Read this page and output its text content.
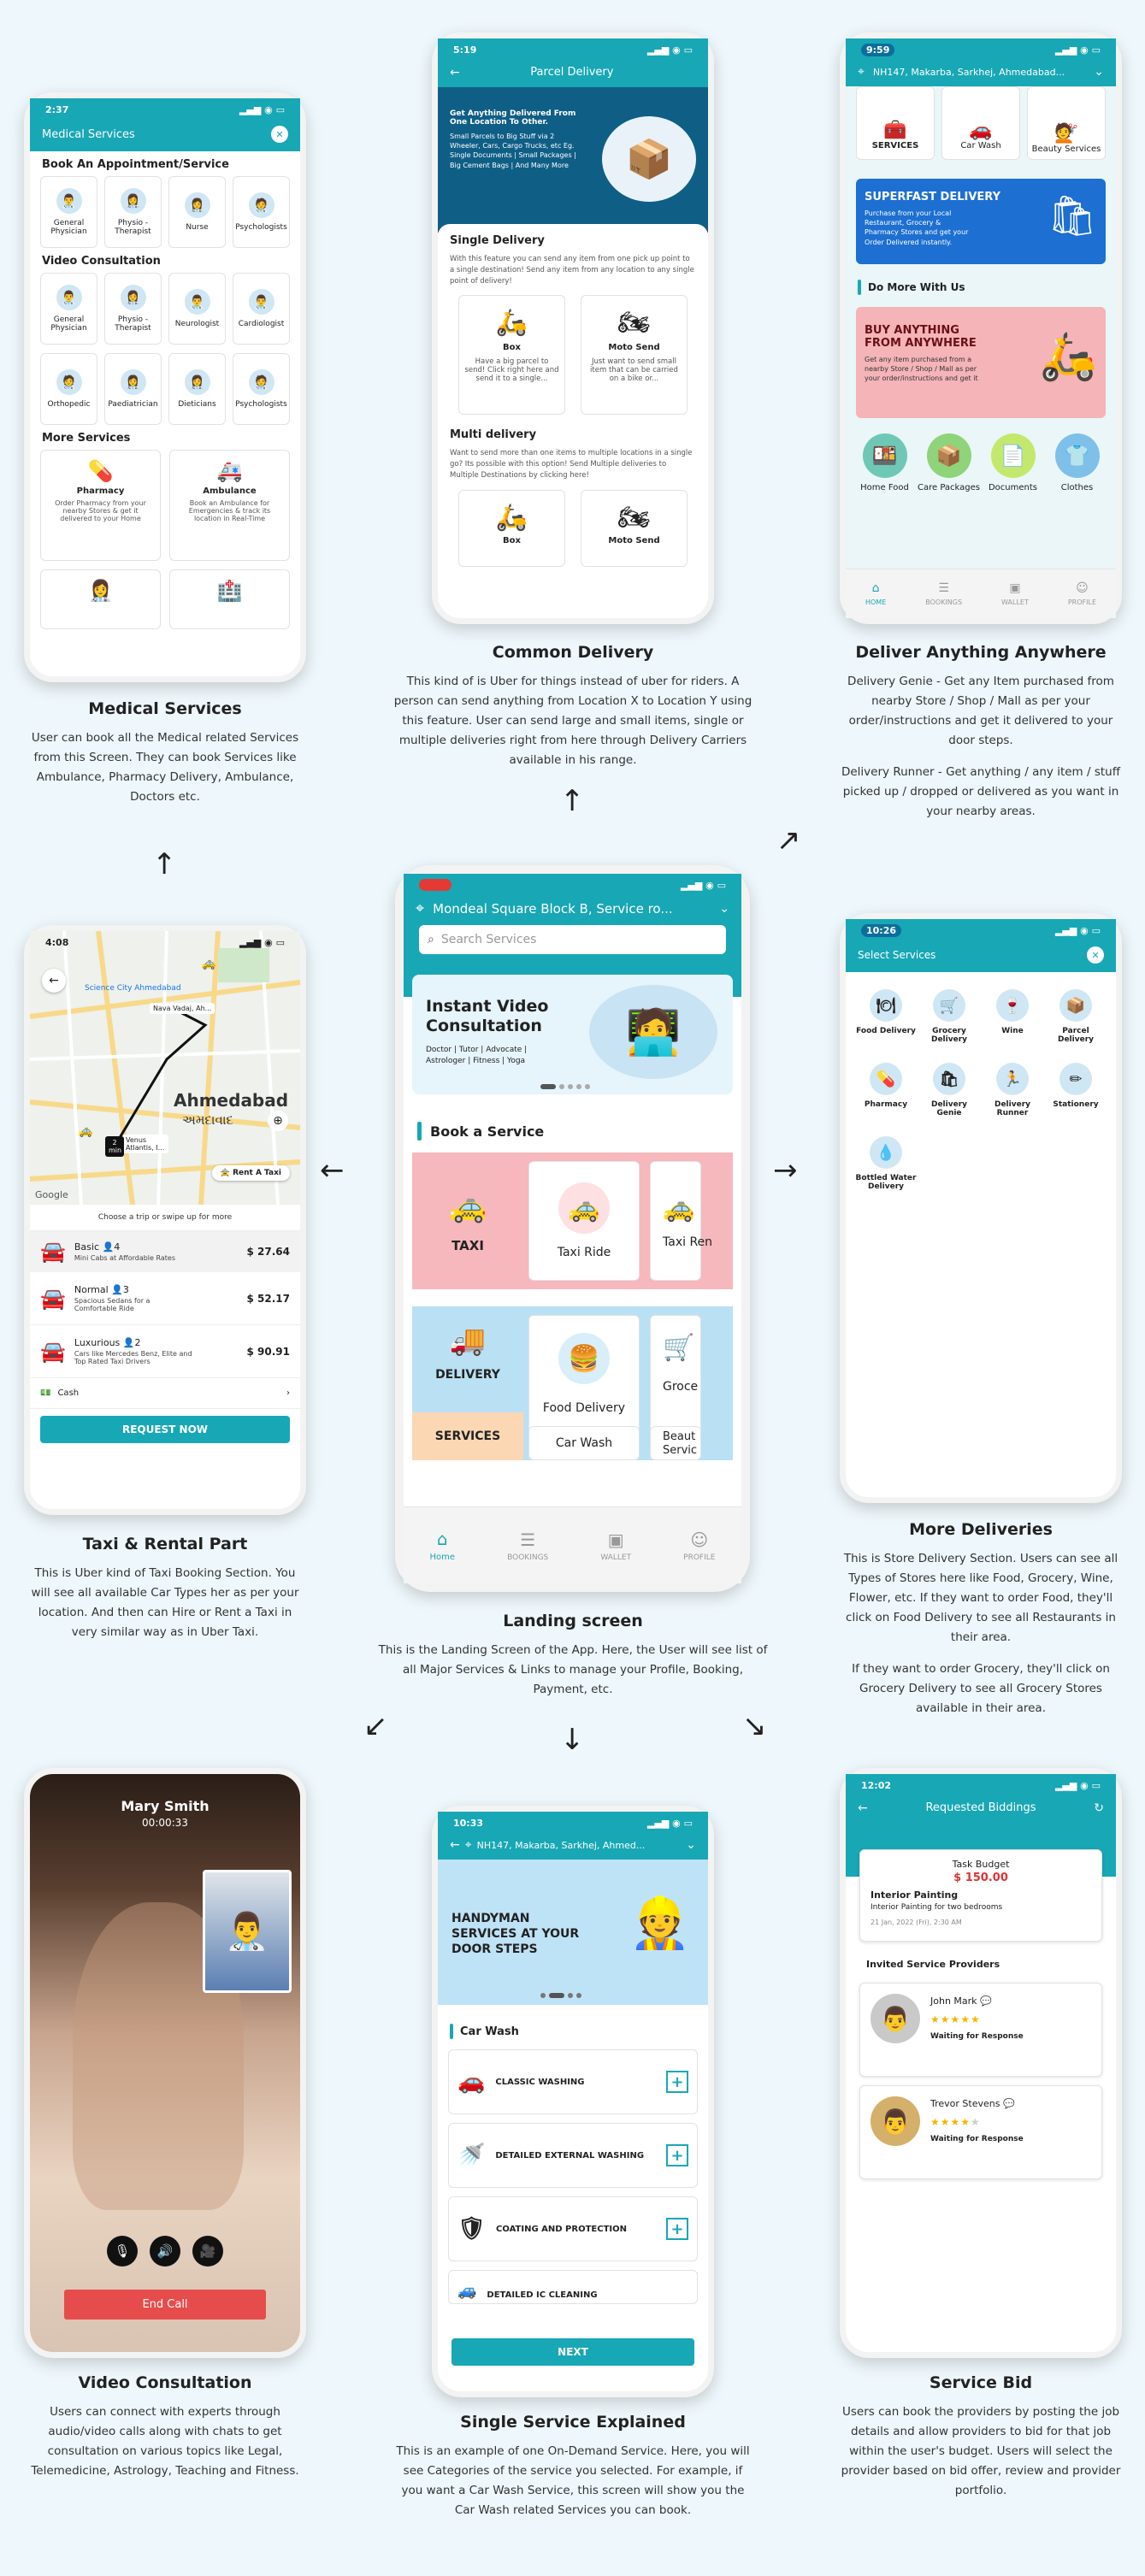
2:37	▂▄▆ ◉ ▭
Medical Services	✕
Book An Appointment/Service
👨‍⚕️
General Physician
👩‍⚕️
Physio - Therapist
👩‍⚕️
Nurse
🧑‍⚕️
Psychologists
Video Consultation
👨‍⚕️
General Physician
👩‍⚕️
Physio - Therapist
👨‍⚕️
Neurologist
👨‍⚕️
Cardiologist
🧑‍⚕️
Orthopedic
👩‍⚕️
Paediatrician
👩‍⚕️
Dieticians
🧑‍⚕️
Psychologists
More Services
💊
Pharmacy
Order Pharmacy from your nearby Stores & get it delivered to your Home
🚑
Ambulance
Book an Ambulance for Emergencies & track its location in Real-Time
👩‍⚕️	🏥
Medical Services

User can book all the Medical related Services from this Screen. They can book Services like Ambulance, Pharmacy Delivery, Ambulance, Doctors etc.

5:19	▂▄▆ ◉ ▭
←	Parcel Delivery
Get Anything Delivered From One Location To Other.
Small Parcels to Big Stuff via 2 Wheeler, Cars, Cargo Trucks, etc Eg. Single Documents | Small Packages | Big Cement Bags | And Many More	📦
Single Delivery
With this feature you can send any item from one pick up point to a single destination! Send any item from any location to any single point of delivery!
🛵
Box
Have a big parcel to send! Click right here and send it to a single...
🏍
Moto Send
Just want to send small item that can be carried on a bike or...
Multi delivery
Want to send more than one items to multiple locations in a single go? Its possible with this option! Send Multiple deliveries to Multiple Destinations by clicking here!
🛵
Box
🏍
Moto Send
Common Delivery

This kind of is Uber for things instead of uber for riders. A person can send anything from Location X to Location Y using this feature. User can send large and small items, single or multiple deliveries right from here through Delivery Carriers available in his range.

9:59	▂▄▆ ◉ ▭
⌖ NH147, Makarba, Sarkhej, Ahmedabad...	⌄
🧰
SERVICES
🚗
Car Wash
💇
Beauty Services
SUPERFAST DELIVERY
Purchase from your Local Restaurant, Grocery & Pharmacy Stores and get your Order Delivered instantly.
🛍
Do More With Us
BUY ANYTHING FROM ANYWHERE
Get any item purchased from a nearby Store / Shop / Mall as per your order/instructions and get it 🛵
🍱
Home Food
📦
Care Packages
📄
Documents
👕
Clothes
⌂
HOME
☰
BOOKINGS
▣
WALLET
☺
PROFILE
Deliver Anything Anywhere

Delivery Genie - Get any Item purchased from nearby Store / Shop / Mall as per your order/instructions and get it delivered to your door steps.

Delivery Runner - Get anything / any item / stuff picked up / dropped or delivered as you want in your nearby areas.

↑
↑
↗
4:08	▂▄▆ ◉ ▭
←
Science City Ahmedabad
Nava Vadaj, Ah...
Ahmedabad
અમદાવાદ
Venus Atlantis, I...
2 min
Google
⊕
🚖 Rent A Taxi
🚕
🚕
Choose a trip or swipe up for more
🚘 Basic 👤4
Mini Cabs at Affordable Rates
$ 27.64
🚘 Normal 👤3
Spacious Sedans for a Comfortable Ride
$ 52.17
🚘 Luxurious 👤2
Cars like Mercedes Benz, Elite and Top Rated Taxi Drivers
$ 90.91
💵 Cash	›
REQUEST NOW
Taxi & Rental Part

This is Uber kind of Taxi Booking Section. You will see all available Car Types her as per your location. And then can Hire or Rent a Taxi in very similar way as in Uber Taxi.

←
▂▄▆ ◉ ▭
⌖ Mondeal Square Block B, Service ro...	⌄
⌕ Search Services
Instant Video Consultation
Doctor | Tutor | Advocate | Astrologer | Fitness | Yoga
🧑‍💻
Book a Service
🚕
TAXI
🚕
Taxi Ride
🚕
Taxi Ren
🚚
DELIVERY
SERVICES
🍔
Food Delivery
🛒
Groce
Car Wash	Beaut Servic
⌂
Home
☰
BOOKINGS
▣
WALLET
☺
PROFILE
Landing screen

This is the Landing Screen of the App. Here, the User will see list of all Major Services & Links to manage your Profile, Booking, Payment, etc.

→
10:26	▂▄▆ ◉ ▭
Select Services	✕
🍽
Food Delivery
🛒
Grocery Delivery
🍷
Wine
📦
Parcel Delivery
💊
Pharmacy
🛍
Delivery Genie
🏃
Delivery Runner
✏
Stationery
💧
Bottled Water Delivery
More Deliveries

This is Store Delivery Section. Users can see all Types of Stores here like Food, Grocery, Wine, Flower, etc. If they want to order Food, they'll click on Food Delivery to see all Restaurants in their area.

If they want to order Grocery, they'll click on Grocery Delivery to see all Grocery Stores available in their area.

↙	↓	↘
Mary Smith
00:00:33
👨‍⚕️
🎙 🔊 🎥
End Call
Video Consultation

Users can connect with experts through audio/video calls along with chats to get consultation on various topics like Legal, Telemedicine, Astrology, Teaching and Fitness.

10:33	▂▄▆ ◉ ▭
← ⌖ NH147, Makarba, Sarkhej, Ahmed...	⌄
HANDYMAN SERVICES AT YOUR DOOR STEPS	👷
Car Wash
🚗 CLASSIC WASHING	+
🚿 DETAILED EXTERNAL WASHING	+
🛡 COATING AND PROTECTION	+
🚙 DETAILED IC CLEANING
NEXT
Single Service Explained

This is an example of one On-Demand Service. Here, you will see Categories of the service you selected. For example, if you want a Car Wash Service, this screen will show you the Car Wash related Services you can book.

12:02	▂▄▆ ◉ ▭
←	Requested Biddings	↻
Task Budget
$ 150.00
Interior Painting
Interior Painting for two bedrooms
21 Jan, 2022 (Fri), 2:30 AM
Invited Service Providers
👨
John Mark 💬
★★★★★
Waiting for Response
👨
Trevor Stevens 💬
★★★★★
Waiting for Response
Service Bid

Users can book the providers by posting the job details and allow providers to bid for that job within the user's budget. Users will select the provider based on bid offer, review and provider portfolio.
